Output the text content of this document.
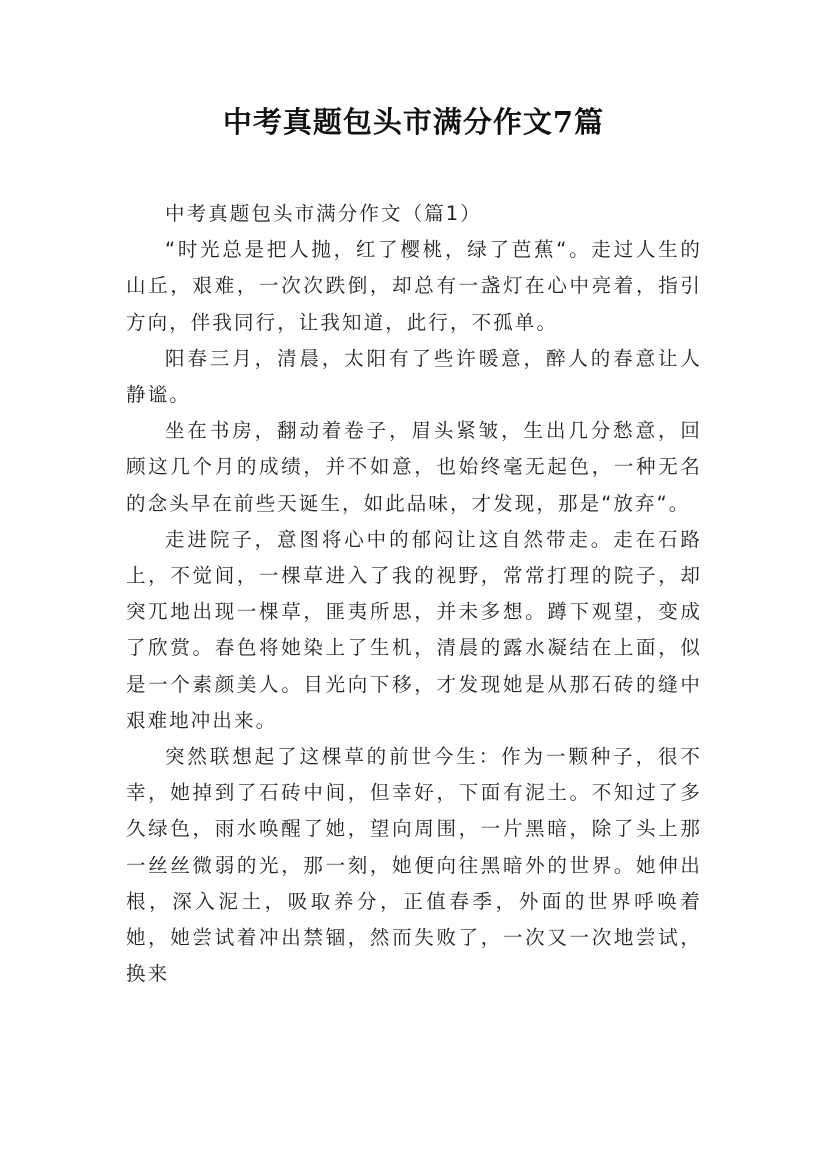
中考真题包头市满分作文7篇

中考真题包头市满分作文（篇1）

“时光总是把人抛，红了樱桃，绿了芭蕉“。走过人生的山丘，艰难，一次次跌倒，却总有一盏灯在心中亮着，指引方向，伴我同行，让我知道，此行，不孤单。

阳春三月，清晨，太阳有了些许暖意，醉人的春意让人静谧。

坐在书房，翻动着卷子，眉头紧皱，生出几分愁意，回顾这几个月的成绩，并不如意，也始终毫无起色，一种无名的念头早在前些天诞生，如此品味，才发现，那是“放弃“。

走进院子，意图将心中的郁闷让这自然带走。走在石路上，不觉间，一棵草进入了我的视野，常常打理的院子，却突兀地出现一棵草，匪夷所思，并未多想。蹲下观望，变成了欣赏。春色将她染上了生机，清晨的露水凝结在上面，似是一个素颜美人。目光向下移，才发现她是从那石砖的缝中艰难地冲出来。

突然联想起了这棵草的前世今生：作为一颗种子，很不幸，她掉到了石砖中间，但幸好，下面有泥土。不知过了多久绿色，雨水唤醒了她，望向周围，一片黑暗，除了头上那一丝丝微弱的光，那一刻，她便向往黑暗外的世界。她伸出根，深入泥土，吸取养分，正值春季，外面的世界呼唤着她，她尝试着冲出禁锢，然而失败了，一次又一次地尝试，换来
